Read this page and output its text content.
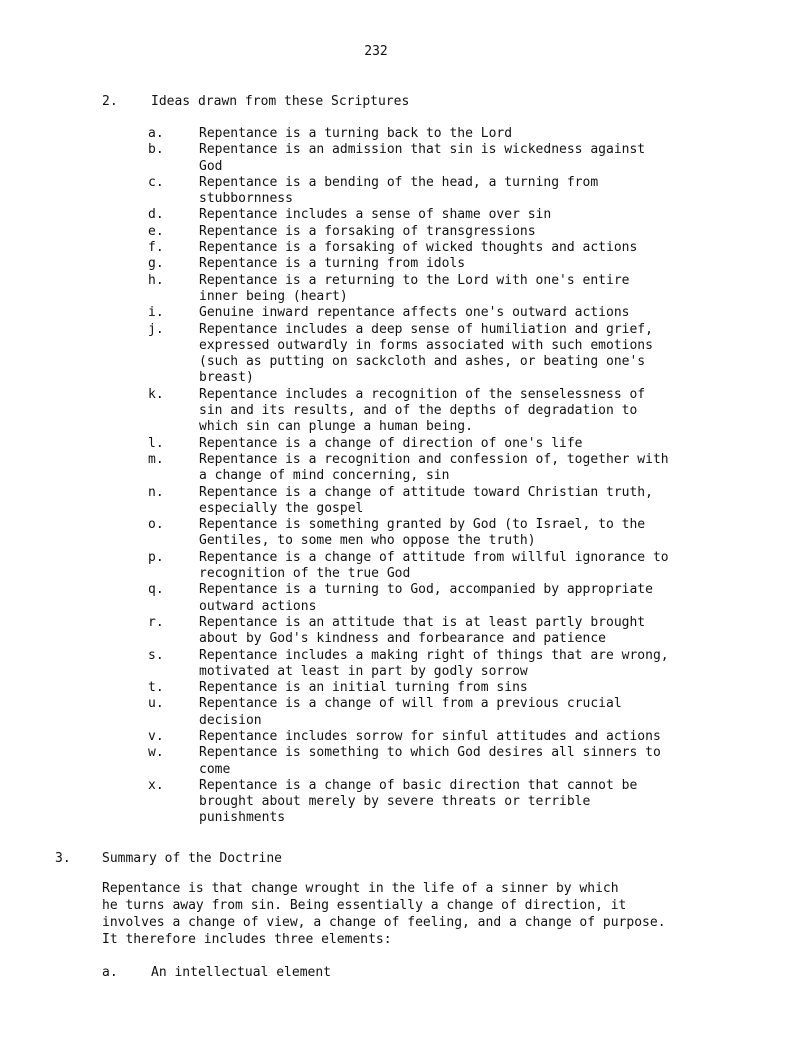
232
2.	Ideas drawn from these Scriptures
a.	Repentance is a turning back to the Lord
b.	Repentance is an admission that sin is wickedness against
God
c.	Repentance is a bending of the head, a turning from
stubbornness
d.	Repentance includes a sense of shame over sin
e.	Repentance is a forsaking of transgressions
f.	Repentance is a forsaking of wicked thoughts and actions
g.	Repentance is a turning from idols
h.	Repentance is a returning to the Lord with one's entire
inner being (heart)
i.	Genuine inward repentance affects one's outward actions
j.	Repentance includes a deep sense of humiliation and grief,
expressed outwardly in forms associated with such emotions
(such as putting on sackcloth and ashes, or beating one's
breast)
k.	Repentance includes a recognition of the senselessness of
sin and its results, and of the depths of degradation to
which sin can plunge a human being.
l.	Repentance is a change of direction of one's life
m.	Repentance is a recognition and confession of, together with
a change of mind concerning, sin
n.	Repentance is a change of attitude toward Christian truth,
especially the gospel
o.	Repentance is something granted by God (to Israel, to the
Gentiles, to some men who oppose the truth)
p.	Repentance is a change of attitude from willful ignorance to
recognition of the true God
q.	Repentance is a turning to God, accompanied by appropriate
outward actions
r.	Repentance is an attitude that is at least partly brought
about by God's kindness and forbearance and patience
s.	Repentance includes a making right of things that are wrong,
motivated at least in part by godly sorrow
t.	Repentance is an initial turning from sins
u.	Repentance is a change of will from a previous crucial
decision
v.	Repentance includes sorrow for sinful attitudes and actions
w.	Repentance is something to which God desires all sinners to
come
x.	Repentance is a change of basic direction that cannot be
brought about merely by severe threats or terrible
punishments
3. Summary of the Doctrine
Repentance is that change wrought in the life of a sinner by which
he turns away from sin. Being essentially a change of direction, it
involves a change of view, a change of feeling, and a change of purpose.
It therefore includes three elements:
a.	An intellectual element
